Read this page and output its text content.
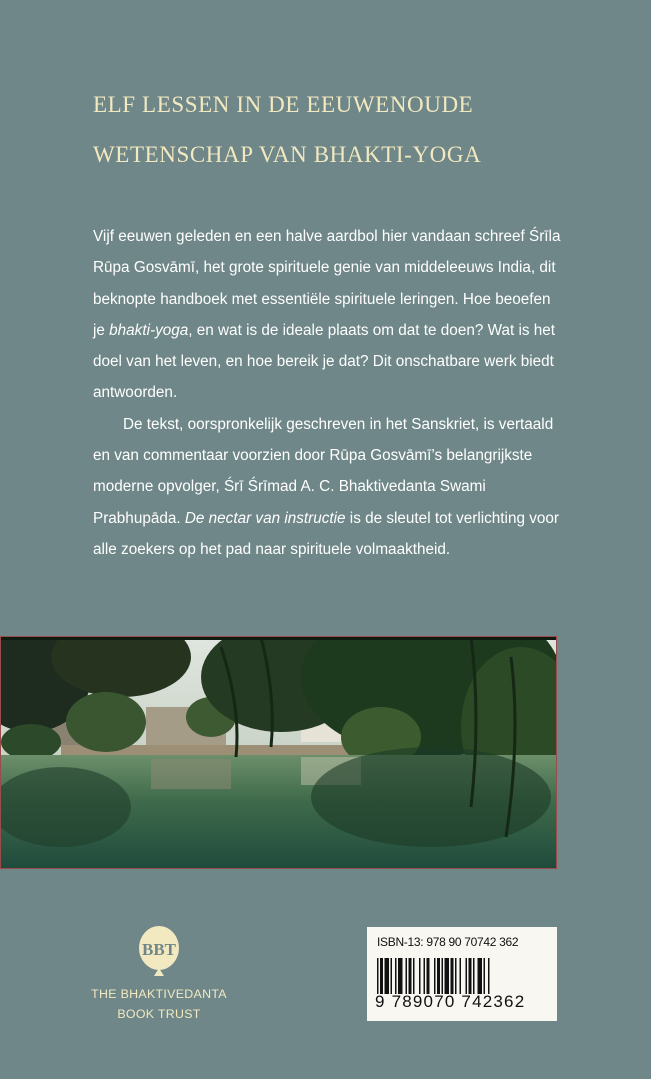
ELF LESSEN IN DE EEUWENOUDE
WETENSCHAP VAN BHAKTI-YOGA

Vijf eeuwen geleden en een halve aardbol hier vandaan schreef Śrīla Rūpa Gosvāmī, het grote spirituele genie van middeleeuws India, dit beknopte handboek met essentiële spirituele leringen. Hoe beoefen je bhakti-yoga, en wat is de ideale plaats om dat te doen? Wat is het doel van het leven, en hoe bereik je dat? Dit onschatbare werk biedt antwoorden.

De tekst, oorspronkelijk geschreven in het Sanskriet, is vertaald en van commentaar voorzien door Rūpa Gosvāmī’s belangrijkste moderne opvolger, Śrī Śrīmad A. C. Bhaktivedanta Swami Prabhupāda. De nectar van instructie is de sleutel tot verlichting voor alle zoekers op het pad naar spirituele volmaaktheid.

BBT
THE BHAKTIVEDANTA
BOOK TRUST
ISBN-13: 978 90 70742 362
9 789070 742362
